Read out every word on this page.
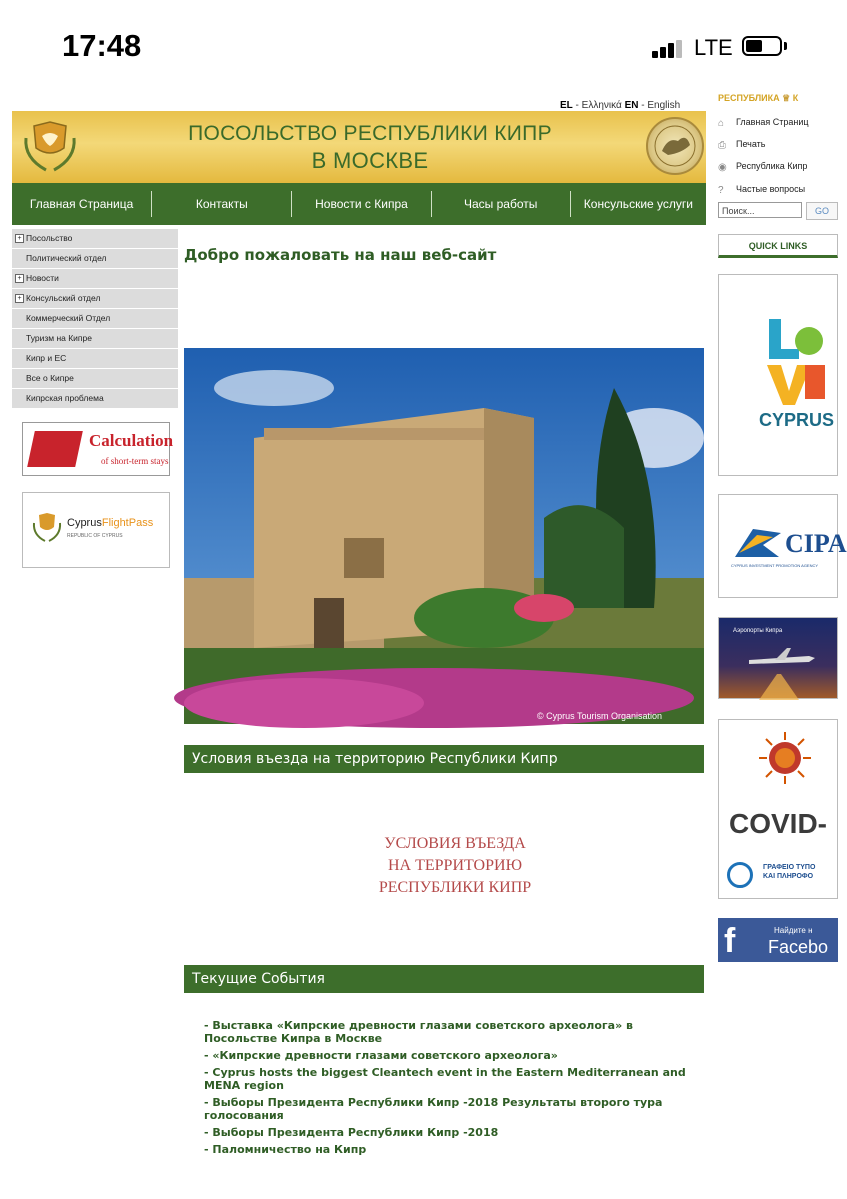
17:48	LTE
EL - Ελληνικά EN - English
ПОСОЛЬСТВО РЕСПУБЛИКИ КИПР
В МОСКВЕ
Главная Страница	Контакты	Новости с Кипра	Часы работы	Консульские услуги
+ Посольство
Политический отдел
+ Новости
+ Консульский отдел
Коммерческий Отдел
Туризм на Кипре
Кипр и ЕС
Все о Кипре
Кипрская проблема
Calculation
of short-term stays
CyprusFlightPass
REPUBLIC OF CYPRUS
Добро пожаловать на наш веб-сайт
© Cyprus Tourism Organisation
Условия въезда на территорию Республики Кипр
УСЛОВИЯ ВЪЕЗДА
НА ТЕРРИТОРИЮ
РЕСПУБЛИКИ КИПР
Текущие События
- Выставка «Кипрские древности глазами советского археолога» в Посольстве Кипра в Москве
- «Кипрские древности глазами советского археолога»
- Cyprus hosts the biggest Cleantech event in the Eastern Mediterranean and MENA region
- Выборы Президента Республики Кипр -2018 Результаты второго тура голосования
- Выборы Президента Республики Кипр -2018
- Паломничество на Кипр
РЕСПУБЛИКА ♕ К
⌂ Главная Страниц
⎙ Печать
◉ Республика Кипр
? Частые вопросы
Поиск...	GO
QUICK LINKS
CYPRUS
CIPA
CYPRUS INVESTMENT PROMOTION AGENCY
Аэропорты Кипра
COVID-
ΓΡΑΦΕΙΟ ΤΥΠΟ
ΚΑΙ ΠΛΗΡΟΦΟ
f	Найдите н
Facebo
